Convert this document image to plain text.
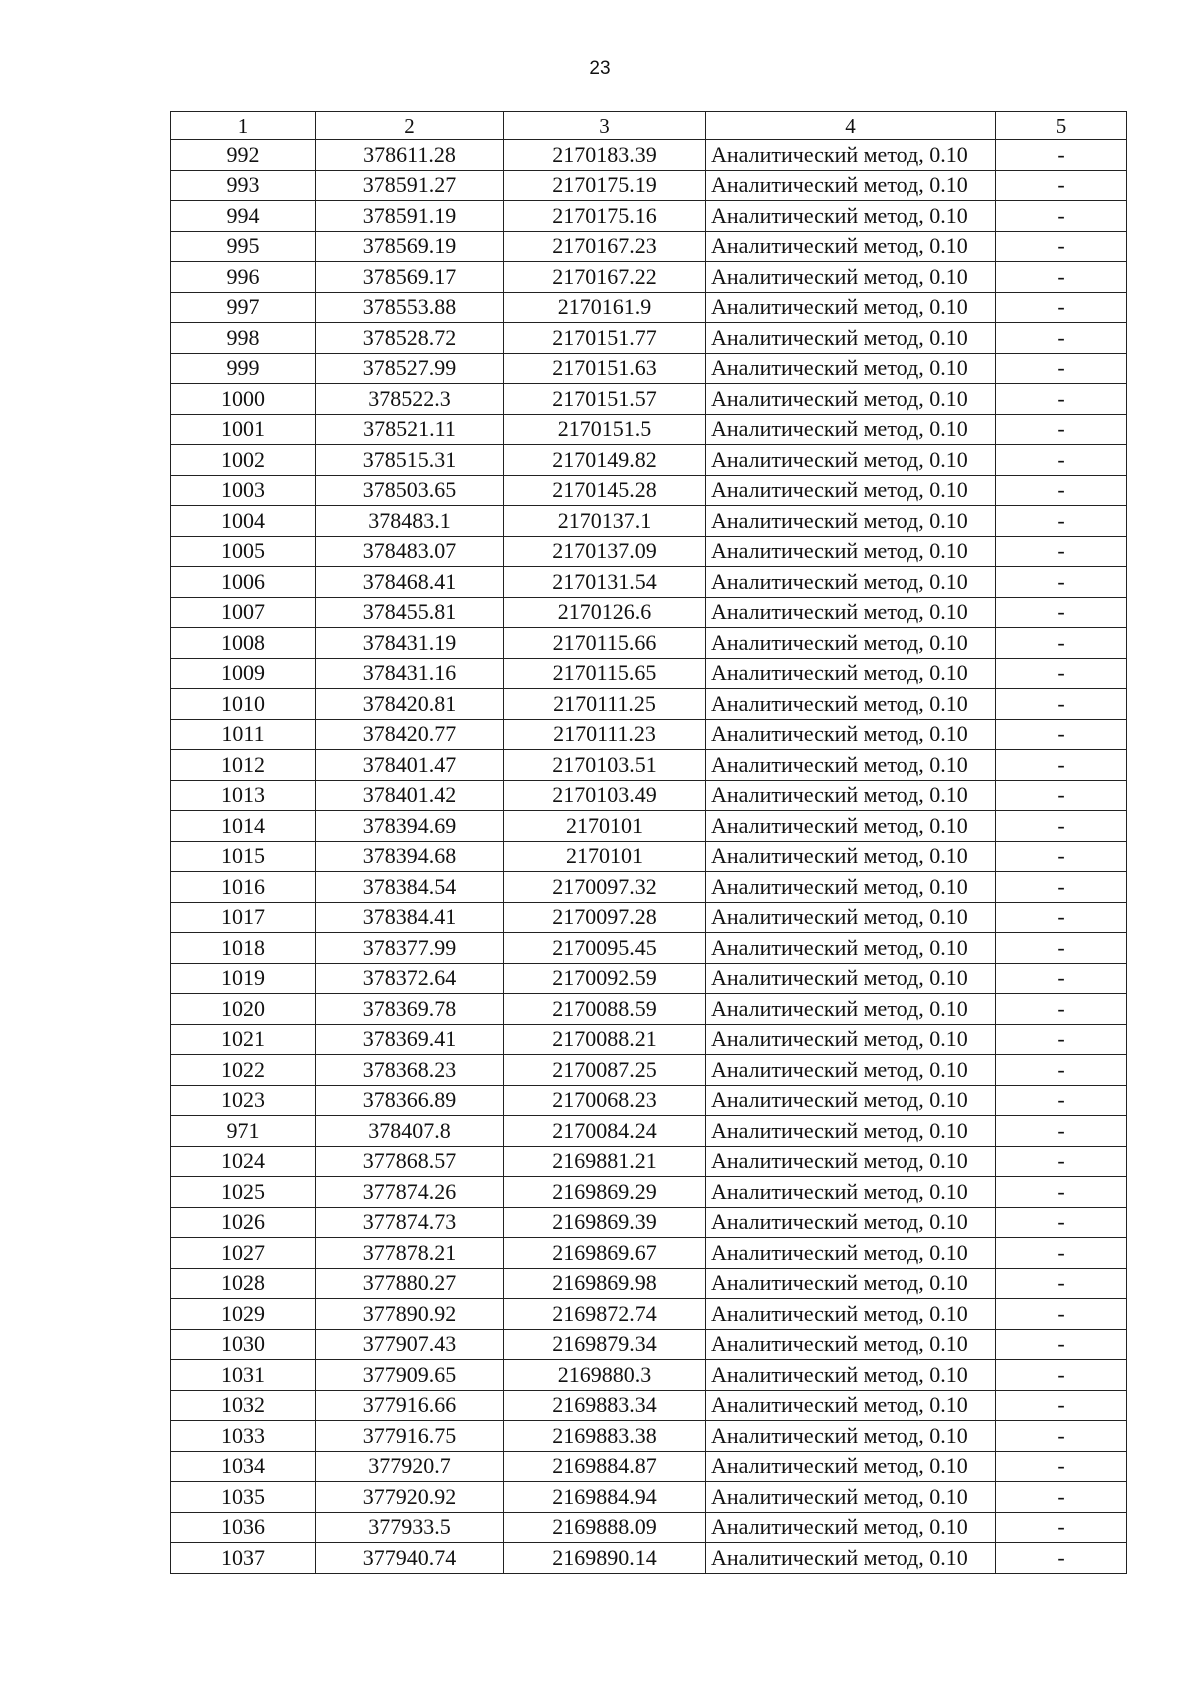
23
1	2	3	4	5
992	378611.28	2170183.39	Аналитический метод, 0.10	-
993	378591.27	2170175.19	Аналитический метод, 0.10	-
994	378591.19	2170175.16	Аналитический метод, 0.10	-
995	378569.19	2170167.23	Аналитический метод, 0.10	-
996	378569.17	2170167.22	Аналитический метод, 0.10	-
997	378553.88	2170161.9	Аналитический метод, 0.10	-
998	378528.72	2170151.77	Аналитический метод, 0.10	-
999	378527.99	2170151.63	Аналитический метод, 0.10	-
1000	378522.3	2170151.57	Аналитический метод, 0.10	-
1001	378521.11	2170151.5	Аналитический метод, 0.10	-
1002	378515.31	2170149.82	Аналитический метод, 0.10	-
1003	378503.65	2170145.28	Аналитический метод, 0.10	-
1004	378483.1	2170137.1	Аналитический метод, 0.10	-
1005	378483.07	2170137.09	Аналитический метод, 0.10	-
1006	378468.41	2170131.54	Аналитический метод, 0.10	-
1007	378455.81	2170126.6	Аналитический метод, 0.10	-
1008	378431.19	2170115.66	Аналитический метод, 0.10	-
1009	378431.16	2170115.65	Аналитический метод, 0.10	-
1010	378420.81	2170111.25	Аналитический метод, 0.10	-
1011	378420.77	2170111.23	Аналитический метод, 0.10	-
1012	378401.47	2170103.51	Аналитический метод, 0.10	-
1013	378401.42	2170103.49	Аналитический метод, 0.10	-
1014	378394.69	2170101	Аналитический метод, 0.10	-
1015	378394.68	2170101	Аналитический метод, 0.10	-
1016	378384.54	2170097.32	Аналитический метод, 0.10	-
1017	378384.41	2170097.28	Аналитический метод, 0.10	-
1018	378377.99	2170095.45	Аналитический метод, 0.10	-
1019	378372.64	2170092.59	Аналитический метод, 0.10	-
1020	378369.78	2170088.59	Аналитический метод, 0.10	-
1021	378369.41	2170088.21	Аналитический метод, 0.10	-
1022	378368.23	2170087.25	Аналитический метод, 0.10	-
1023	378366.89	2170068.23	Аналитический метод, 0.10	-
971	378407.8	2170084.24	Аналитический метод, 0.10	-
1024	377868.57	2169881.21	Аналитический метод, 0.10	-
1025	377874.26	2169869.29	Аналитический метод, 0.10	-
1026	377874.73	2169869.39	Аналитический метод, 0.10	-
1027	377878.21	2169869.67	Аналитический метод, 0.10	-
1028	377880.27	2169869.98	Аналитический метод, 0.10	-
1029	377890.92	2169872.74	Аналитический метод, 0.10	-
1030	377907.43	2169879.34	Аналитический метод, 0.10	-
1031	377909.65	2169880.3	Аналитический метод, 0.10	-
1032	377916.66	2169883.34	Аналитический метод, 0.10	-
1033	377916.75	2169883.38	Аналитический метод, 0.10	-
1034	377920.7	2169884.87	Аналитический метод, 0.10	-
1035	377920.92	2169884.94	Аналитический метод, 0.10	-
1036	377933.5	2169888.09	Аналитический метод, 0.10	-
1037	377940.74	2169890.14	Аналитический метод, 0.10	-
